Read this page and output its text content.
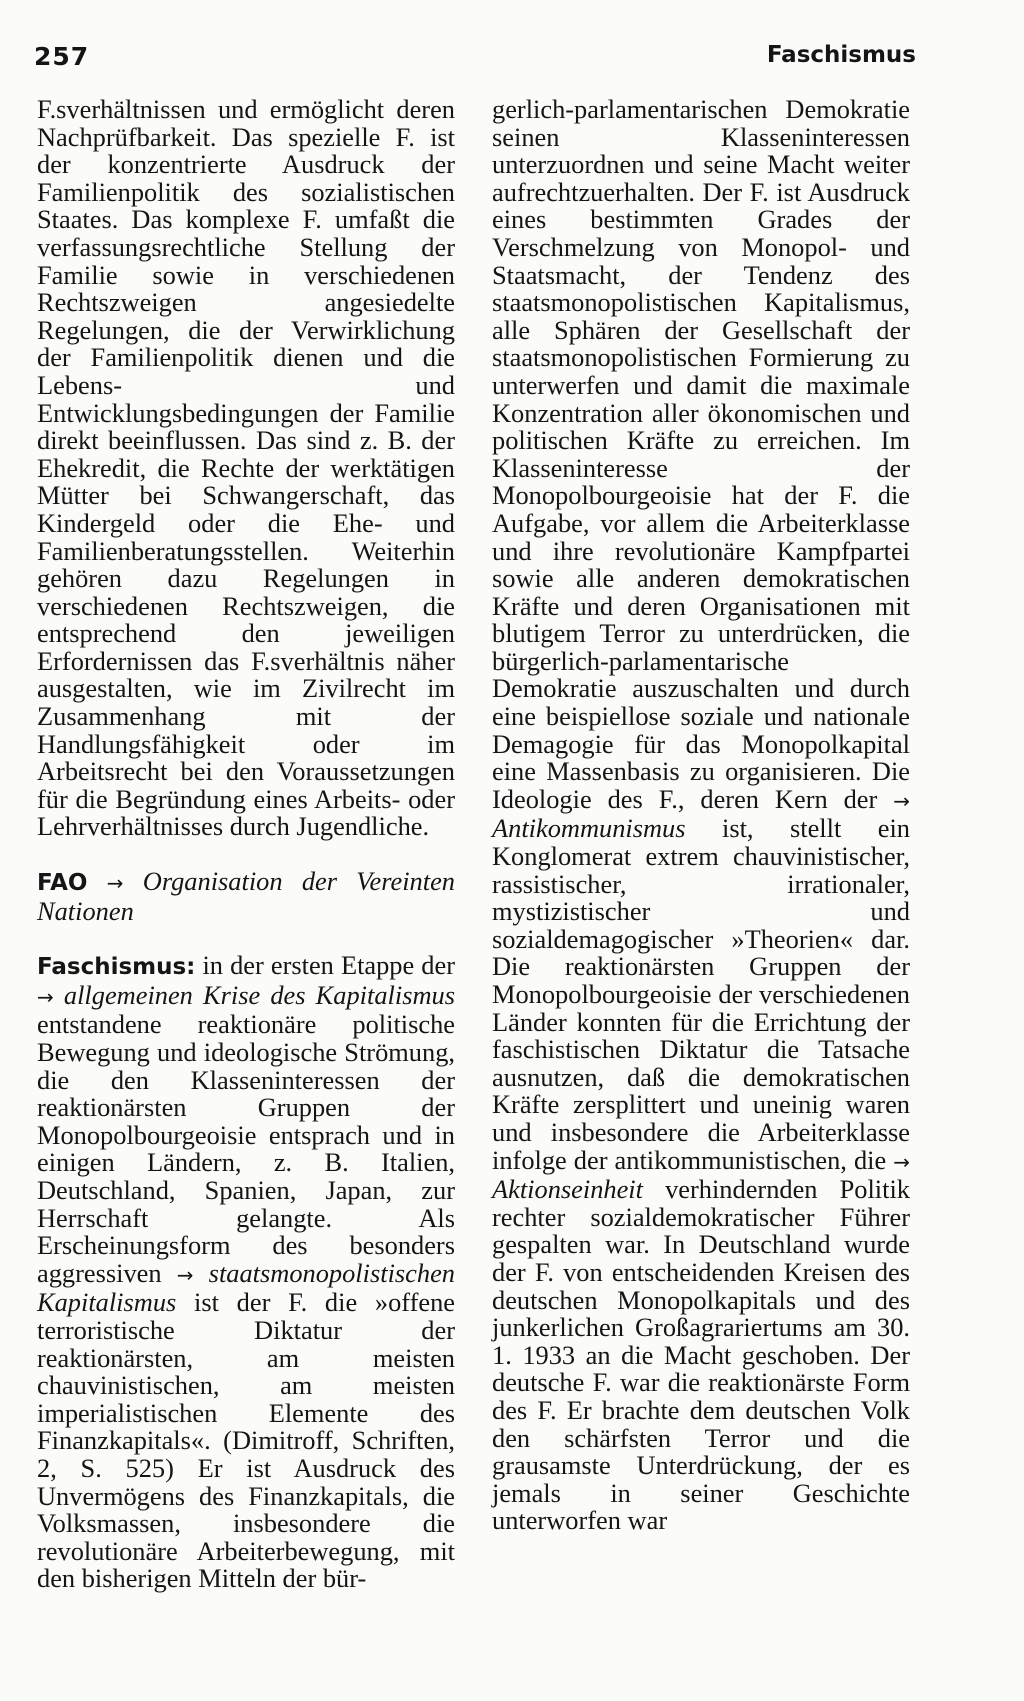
257	Faschismus

F.sverhältnissen und ermöglicht deren Nachprüfbarkeit. Das spezielle F. ist der konzentrierte Ausdruck der Familienpolitik des sozialistischen Staates. Das komplexe F. umfaßt die verfassungsrechtliche Stellung der Familie sowie in verschiedenen Rechtszweigen angesiedelte Regelungen, die der Verwirklichung der Familienpolitik dienen und die Lebens- und Entwicklungsbedingungen der Familie direkt beeinflussen. Das sind z. B. der Ehekredit, die Rechte der werktätigen Mütter bei Schwangerschaft, das Kindergeld oder die Ehe- und Familienberatungsstellen. Weiterhin gehören dazu Regelungen in verschiedenen Rechtszweigen, die entsprechend den jeweiligen Erfordernissen das F.sverhältnis näher ausgestalten, wie im Zivilrecht im Zusammenhang mit der Handlungsfähigkeit oder im Arbeitsrecht bei den Voraussetzungen für die Begründung eines Arbeits- oder Lehrverhältnisses durch Jugendliche.

FAO → Organisation der Vereinten Nationen

Faschismus: in der ersten Etappe der → allgemeinen Krise des Kapitalismus entstandene reaktionäre politische Bewegung und ideologische Strömung, die den Klasseninteressen der reaktionärsten Gruppen der Monopolbourgeoisie entsprach und in einigen Ländern, z. B. Italien, Deutschland, Spanien, Japan, zur Herrschaft gelangte. Als Erscheinungsform des besonders aggressiven → staatsmonopolistischen Kapitalismus ist der F. die »offene terroristische Diktatur der reaktionärsten, am meisten chauvinistischen, am meisten imperialistischen Elemente des Finanzkapitals«. (Dimitroff, Schriften, 2, S. 525) Er ist Ausdruck des Unvermögens des Finanzkapitals, die Volksmassen, insbesondere die revolutionäre Arbeiterbewegung, mit den bisherigen Mitteln der bür-

gerlich-parlamentarischen Demokratie seinen Klasseninteressen unterzuordnen und seine Macht weiter aufrechtzuerhalten. Der F. ist Ausdruck eines bestimmten Grades der Verschmelzung von Monopol- und Staatsmacht, der Tendenz des staatsmonopolistischen Kapitalismus, alle Sphären der Gesellschaft der staatsmonopolistischen Formierung zu unterwerfen und damit die maximale Konzentration aller ökonomischen und politischen Kräfte zu erreichen. Im Klasseninteresse der Monopolbourgeoisie hat der F. die Aufgabe, vor allem die Arbeiterklasse und ihre revolutionäre Kampfpartei sowie alle anderen demokratischen Kräfte und deren Organisationen mit blutigem Terror zu unterdrücken, die bürgerlich-parlamentarische Demokratie auszuschalten und durch eine beispiellose soziale und nationale Demagogie für das Monopolkapital eine Massenbasis zu organisieren. Die Ideologie des F., deren Kern der → Antikommunismus ist, stellt ein Konglomerat extrem chauvinistischer, rassistischer, irrationaler, mystizistischer und sozialdemagogischer »Theorien« dar. Die reaktionärsten Gruppen der Monopolbourgeoisie der verschiedenen Länder konnten für die Errichtung der faschistischen Diktatur die Tatsache ausnutzen, daß die demokratischen Kräfte zersplittert und uneinig waren und insbesondere die Arbeiterklasse infolge der antikommunistischen, die → Aktionseinheit verhindernden Politik rechter sozialdemokratischer Führer gespalten war. In Deutschland wurde der F. von entscheidenden Kreisen des deutschen Monopolkapitals und des junkerlichen Großagrariertums am 30. 1. 1933 an die Macht geschoben. Der deutsche F. war die reaktionärste Form des F. Er brachte dem deutschen Volk den schärfsten Terror und die grausamste Unterdrückung, der es jemals in seiner Geschichte unterworfen war
